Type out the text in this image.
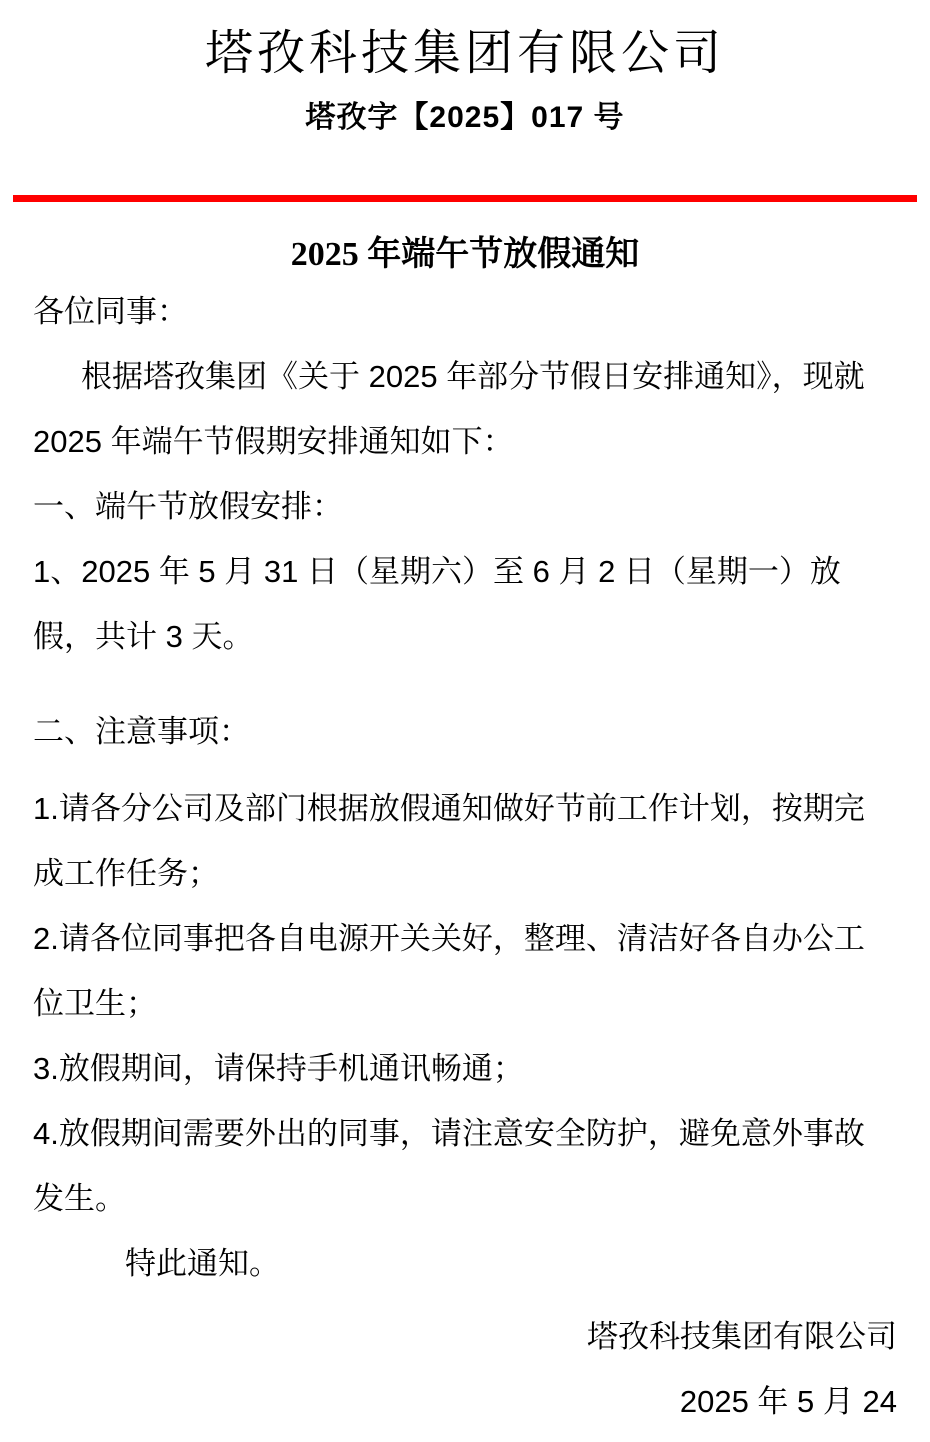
塔孜科技集团有限公司
塔孜字【2025】017 号
2025 年端午节放假通知
各位同事：
根据塔孜集团《关于 2025 年部分节假日安排通知》，现就
2025 年端午节假期安排通知如下：
一、端午节放假安排：
1、2025 年 5 月 31 日（星期六）至 6 月 2 日（星期一）放
假，共计 3 天。
二、注意事项：
1.请各分公司及部门根据放假通知做好节前工作计划，按期完
成工作任务；
2.请各位同事把各自电源开关关好，整理、清洁好各自办公工
位卫生；
3.放假期间，请保持手机通讯畅通；
4.放假期间需要外出的同事，请注意安全防护，避免意外事故
发生。
特此通知。
塔孜科技集团有限公司
2025 年 5 月 24
